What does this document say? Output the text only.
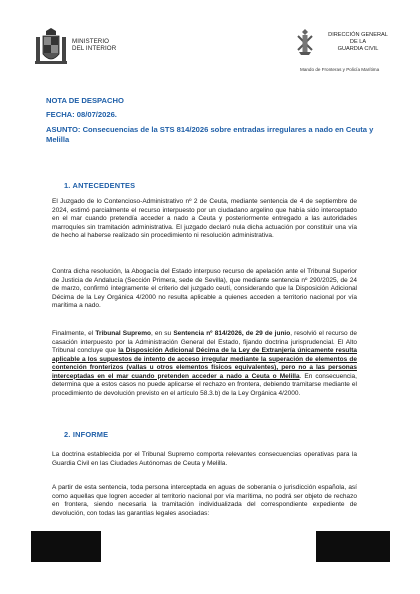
MINISTERIO
DEL INTERIOR
DIRECCIÓN GENERAL
DE LA
GUARDIA CIVIL
Mando de Fronteras y Policía Marítima

NOTA DE DESPACHO

FECHA: 08/07/2026.

ASUNTO: Consecuencias de la STS 814/2026 sobre entradas irregulares a nado en Ceuta y Melilla

1. ANTECEDENTES

El Juzgado de lo Contencioso-Administrativo nº 2 de Ceuta, mediante sentencia de 4 de septiembre de 2024, estimó parcialmente el recurso interpuesto por un ciudadano argelino que había sido interceptado en el mar cuando pretendía acceder a nado a Ceuta y posteriormente entregado a las autoridades marroquíes sin tramitación administrativa. El juzgado declaró nula dicha actuación por constituir una vía de hecho al haberse realizado sin procedimiento ni resolución administrativa.

Contra dicha resolución, la Abogacía del Estado interpuso recurso de apelación ante el Tribunal Superior de Justicia de Andalucía (Sección Primera, sede de Sevilla), que mediante sentencia nº 290/2025, de 24 de marzo, confirmó íntegramente el criterio del juzgado ceutí, considerando que la Disposición Adicional Décima de la Ley Orgánica 4/2000 no resulta aplicable a quienes acceden a territorio nacional por vía marítima a nado.

Finalmente, el Tribunal Supremo, en su Sentencia nº 814/2026, de 29 de junio, resolvió el recurso de casación interpuesto por la Administración General del Estado, fijando doctrina jurisprudencial. El Alto Tribunal concluye que la Disposición Adicional Décima de la Ley de Extranjería únicamente resulta aplicable a los supuestos de intento de acceso irregular mediante la superación de elementos de contención fronterizos (vallas u otros elementos físicos equivalentes), pero no a las personas interceptadas en el mar cuando pretenden acceder a nado a Ceuta o Melilla. En consecuencia, determina que a estos casos no puede aplicarse el rechazo en frontera, debiendo tramitarse mediante el procedimiento de devolución previsto en el artículo 58.3.b) de la Ley Orgánica 4/2000.

2. INFORME

La doctrina establecida por el Tribunal Supremo comporta relevantes consecuencias operativas para la Guardia Civil en las Ciudades Autónomas de Ceuta y Melilla.

A partir de esta sentencia, toda persona interceptada en aguas de soberanía o jurisdicción española, así como aquellas que logren acceder al territorio nacional por vía marítima, no podrá ser objeto de rechazo en frontera, siendo necesaria la tramitación individualizada del correspondiente expediente de devolución, con todas las garantías legales asociadas:
